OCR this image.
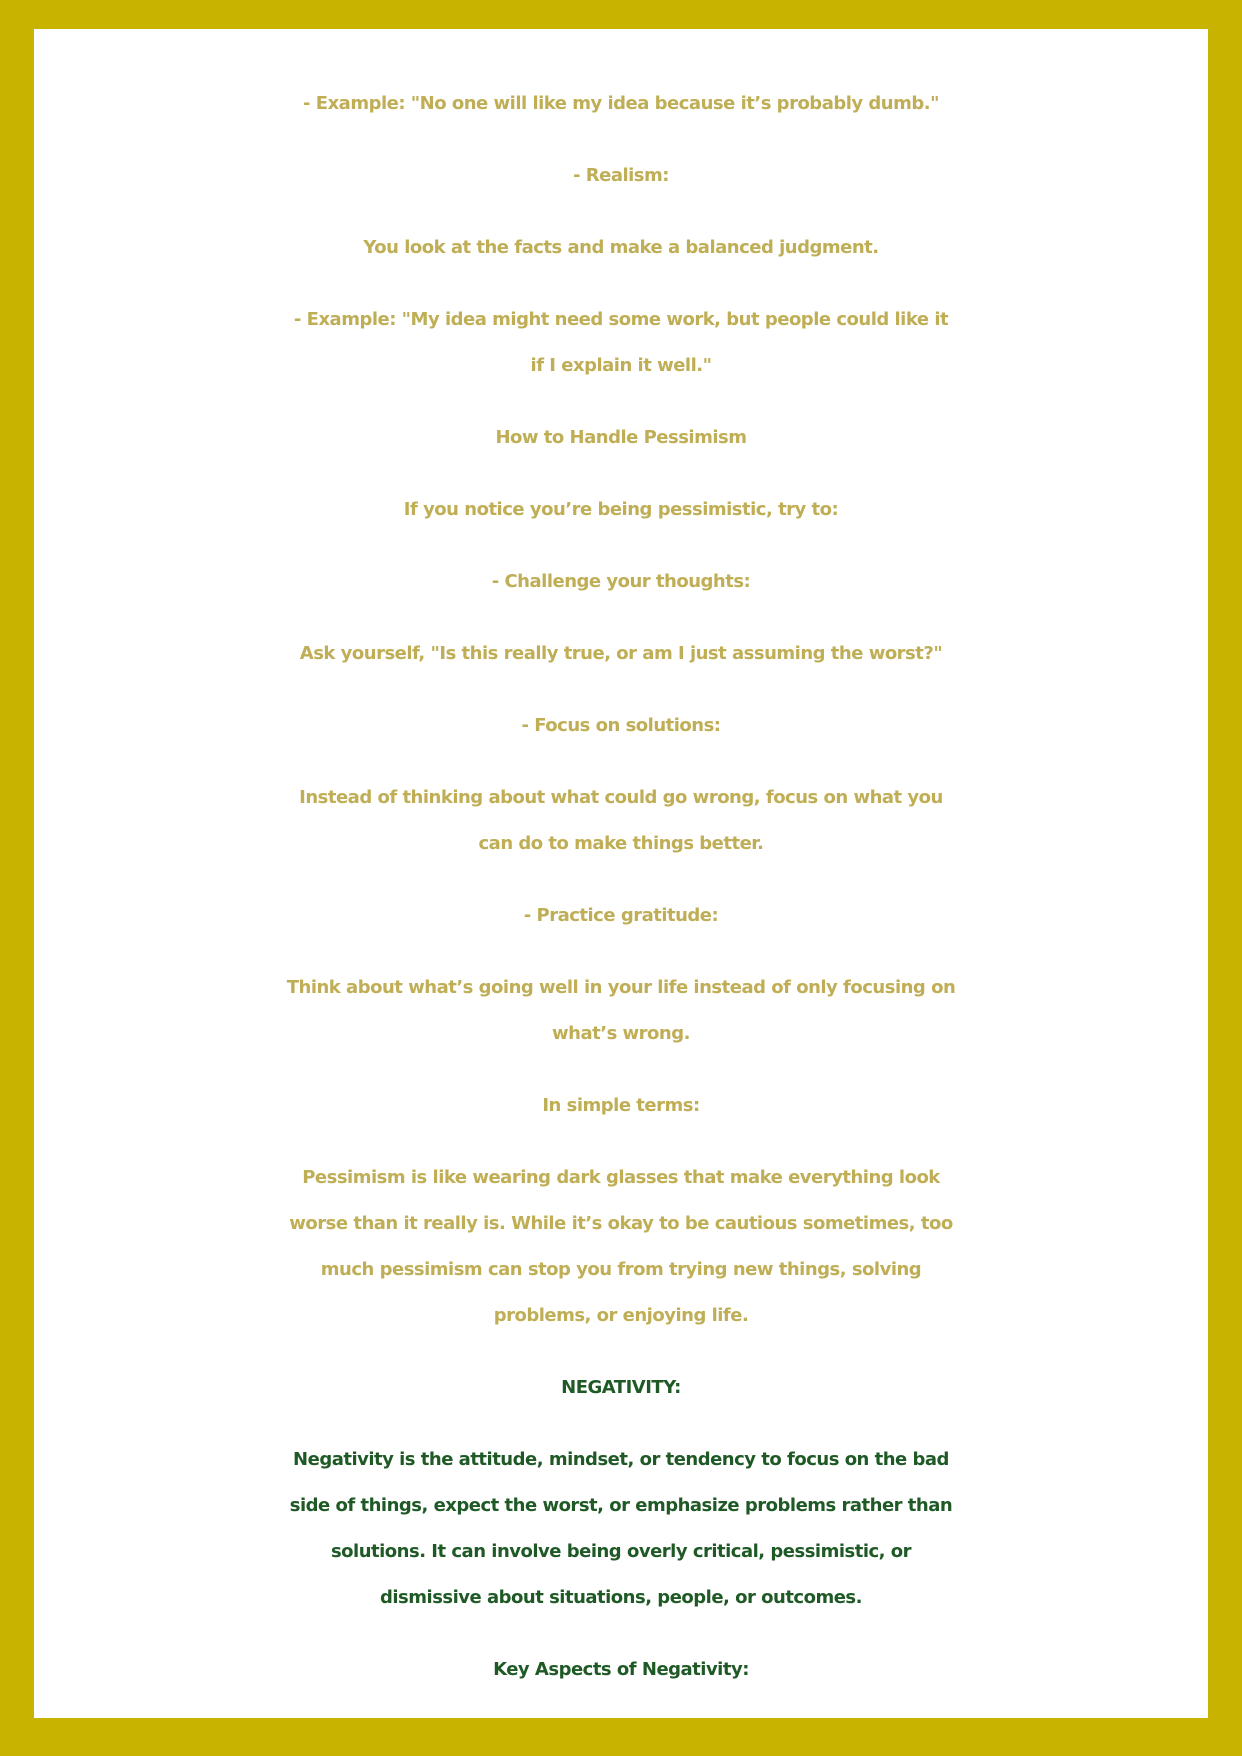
- Example: "No one will like my idea because it’s probably dumb."
- Realism:
You look at the facts and make a balanced judgment.
- Example: "My idea might need some work, but people could like it
if I explain it well."
How to Handle Pessimism
If you notice you’re being pessimistic, try to:
- Challenge your thoughts:
Ask yourself, "Is this really true, or am I just assuming the worst?"
- Focus on solutions:
Instead of thinking about what could go wrong, focus on what you
can do to make things better.
- Practice gratitude:
Think about what’s going well in your life instead of only focusing on
what’s wrong.
In simple terms:
Pessimism is like wearing dark glasses that make everything look
worse than it really is. While it’s okay to be cautious sometimes, too
much pessimism can stop you from trying new things, solving
problems, or enjoying life.
NEGATIVITY:
Negativity is the attitude, mindset, or tendency to focus on the bad
side of things, expect the worst, or emphasize problems rather than
solutions. It can involve being overly critical, pessimistic, or
dismissive about situations, people, or outcomes.
Key Aspects of Negativity:
